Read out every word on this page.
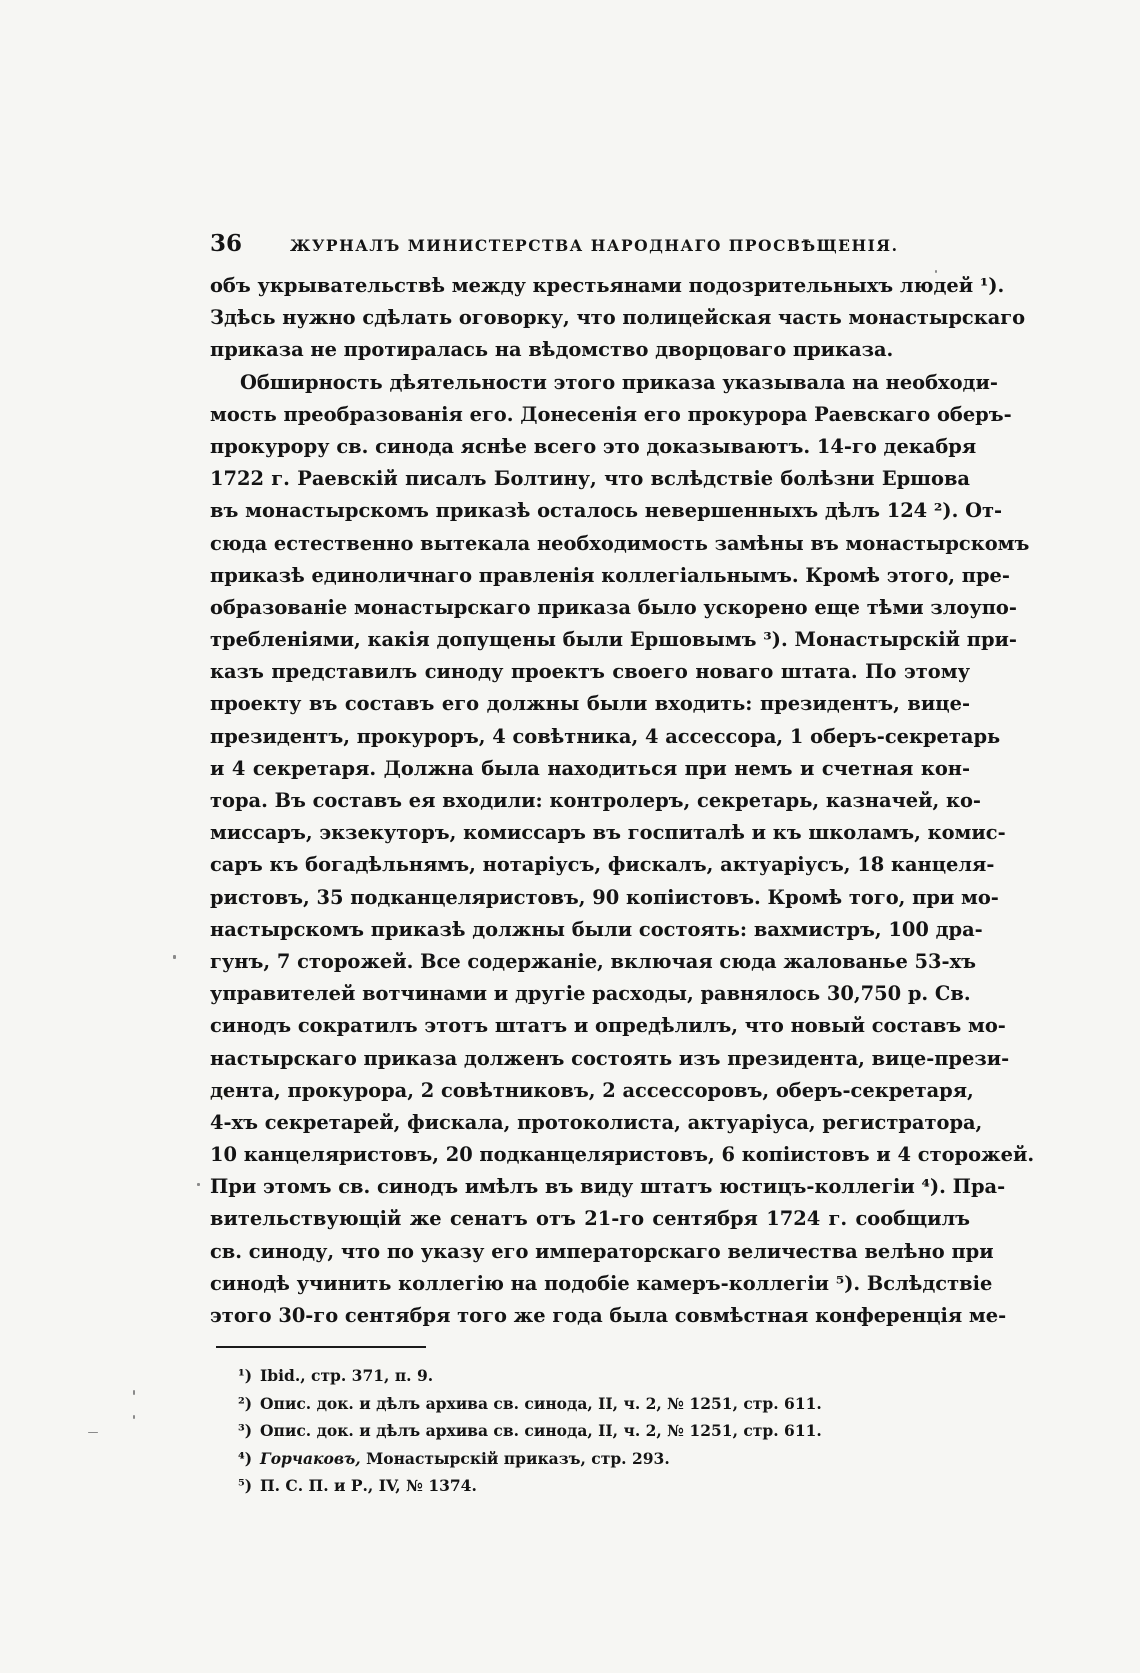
36	ЖУРНАЛЪ МИНИСТЕРСТВА НАРОДНАГО ПРОСВѢЩЕНІЯ.
объ укрывательствѣ между крестьянами подозрительныхъ людей ¹).
Здѣсь нужно сдѣлать оговорку, что полицейская часть монастырскаго
приказа не протиралась на вѣдомство дворцоваго приказа.
Обширность дѣятельности этого приказа указывала на необходи-
мость преобразованія его. Донесенія его прокурора Раевскаго оберъ-
прокурору св. синода яснѣе всего это доказываютъ. 14-го декабря
1722 г. Раевскій писалъ Болтину, что вслѣдствіе болѣзни Ершова
въ монастырскомъ приказѣ осталось невершенныхъ дѣлъ 124 ²). От-
сюда естественно вытекала необходимость замѣны въ монастырскомъ
приказѣ единоличнаго правленія коллегіальнымъ. Кромѣ этого, пре-
образованіе монастырскаго приказа было ускорено еще тѣми злоупо-
требленіями, какія допущены были Ершовымъ ³). Монастырскій при-
казъ представилъ синоду проектъ своего новаго штата. По этому
проекту въ составъ его должны были входить: президентъ, вице-
президентъ, прокуроръ, 4 совѣтника, 4 ассессора, 1 оберъ-секретарь
и 4 секретаря. Должна была находиться при немъ и счетная кон-
тора. Въ составъ ея входили: контролеръ, секретарь, казначей, ко-
миссаръ, экзекуторъ, комиссаръ въ госпиталѣ и къ школамъ, комис-
саръ къ богадѣльнямъ, нотаріусъ, фискалъ, актуаріусъ, 18 канцеля-
ристовъ, 35 подканцеляристовъ, 90 копіистовъ. Кромѣ того, при мо-
настырскомъ приказѣ должны были состоять: вахмистръ, 100 дра-
гунъ, 7 сторожей. Все содержаніе, включая сюда жалованье 53-хъ
управителей вотчинами и другіе расходы, равнялось 30,750 р. Св.
синодъ сократилъ этотъ штатъ и опредѣлилъ, что новый составъ мо-
настырскаго приказа долженъ состоять изъ президента, вице-прези-
дента, прокурора, 2 совѣтниковъ, 2 ассессоровъ, оберъ-секретаря,
4-хъ секретарей, фискала, протоколиста, актуаріуса, регистратора,
10 канцеляристовъ, 20 подканцеляристовъ, 6 копіистовъ и 4 сторожей.
При этомъ св. синодъ имѣлъ въ виду штатъ юстицъ-коллегіи ⁴). Пра-
вительствующій же сенатъ отъ 21-го сентября 1724 г. сообщилъ
св. синоду, что по указу его императорскаго величества велѣно при
синодѣ учинить коллегію на подобіе камеръ-коллегіи ⁵). Вслѣдствіе
этого 30-го сентября того же года была совмѣстная конференція ме-
¹) Ibid., стр. 371, п. 9.
²) Опис. док. и дѣлъ архива св. синода, II, ч. 2, № 1251, стр. 611.
³) Опис. док. и дѣлъ архива св. синода, II, ч. 2, № 1251, стр. 611.
⁴) Горчаковъ, Монастырскій приказъ, стр. 293.
⁵) П. С. П. и Р., IV, № 1374.
